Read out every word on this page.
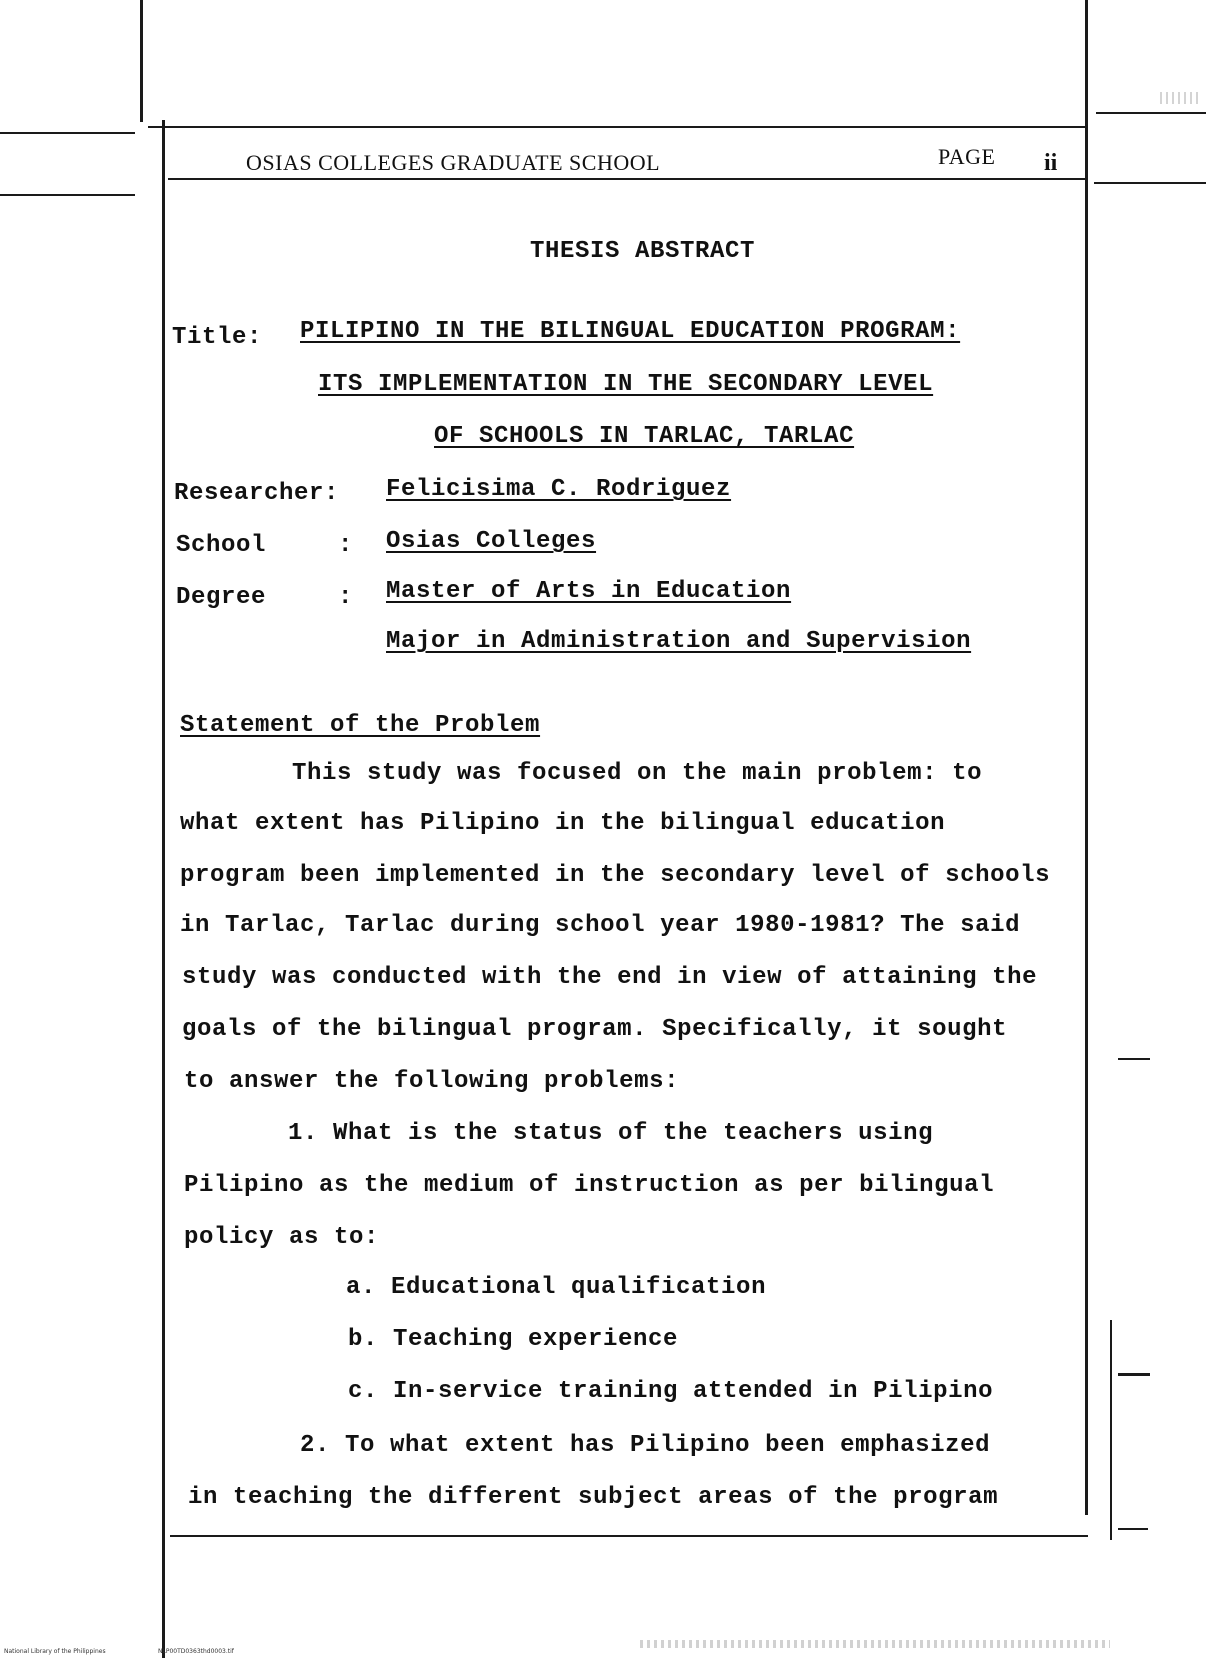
OSIAS COLLEGES GRADUATE SCHOOL	PAGE ii
THESIS ABSTRACT
Title: PILIPINO IN THE BILINGUAL EDUCATION PROGRAM:
ITS IMPLEMENTATION IN THE SECONDARY LEVEL
OF SCHOOLS IN TARLAC, TARLAC
Researcher: Felicisima C. Rodriguez
School	: Osias Colleges
Degree	: Master of Arts in Education
Major in Administration and Supervision
Statement of the Problem
This study was focused on the main problem: to
what extent has Pilipino in the bilingual education
program been implemented in the secondary level of schools
in Tarlac, Tarlac during school year 1980-1981? The said
study was conducted with the end in view of attaining the
goals of the bilingual program. Specifically, it sought
to answer the following problems:
1. What is the status of the teachers using
Pilipino as the medium of instruction as per bilingual
policy as to:
a. Educational qualification
b. Teaching experience
c. In-service training attended in Pilipino
2. To what extent has Pilipino been emphasized
in teaching the different subject areas of the program
National Library of the Philippines	NLP00TD0363thd0003.tif
